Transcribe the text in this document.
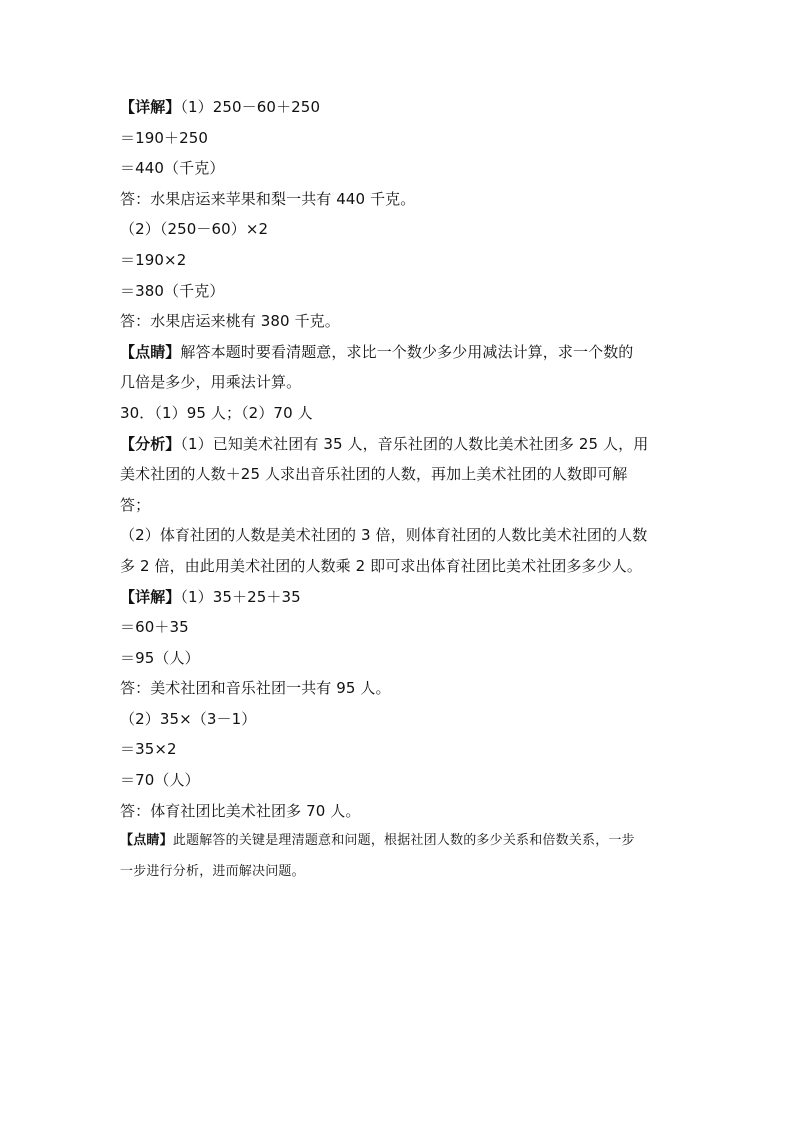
【详解】（1）250－60＋250
＝190＋250
＝440（千克）
答：水果店运来苹果和梨一共有 440 千克。
（2）（250－60）×2
＝190×2
＝380（千克）
答：水果店运来桃有 380 千克。
【点睛】解答本题时要看清题意，求比一个数少多少用减法计算，求一个数的
几倍是多少，用乘法计算。
30．（1）95 人；（2）70 人
【分析】（1）已知美术社团有 35 人，音乐社团的人数比美术社团多 25 人，用
美术社团的人数＋25 人求出音乐社团的人数，再加上美术社团的人数即可解
答；
（2）体育社团的人数是美术社团的 3 倍，则体育社团的人数比美术社团的人数
多 2 倍，由此用美术社团的人数乘 2 即可求出体育社团比美术社团多多少人。
【详解】（1）35＋25＋35
＝60＋35
＝95（人）
答：美术社团和音乐社团一共有 95 人。
（2）35×（3－1）
＝35×2
＝70（人）
答：体育社团比美术社团多 70 人。
【点睛】此题解答的关键是理清题意和问题，根据社团人数的多少关系和倍数关系，一步
一步进行分析，进而解决问题。
